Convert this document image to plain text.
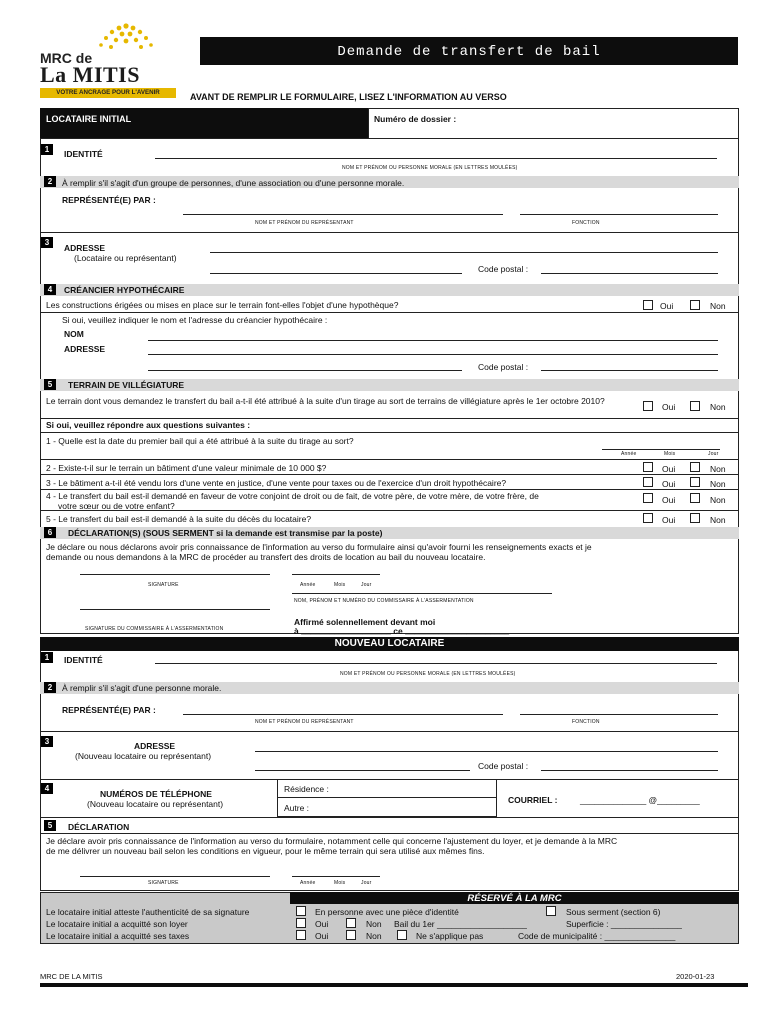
MRC de
La MITIS
VOTRE ANCRAGE POUR L'AVENIR
Demande de transfert de bail
AVANT DE REMPLIR LE FORMULAIRE, LISEZ L'INFORMATION AU VERSO
LOCATAIRE INITIAL	Numéro de dossier :
1	IDENTITÉ
NOM ET PRÉNOM OU PERSONNE MORALE (EN LETTRES MOULÉES)
2	À remplir s'il s'agit d'un groupe de personnes, d'une association ou d'une personne morale.
REPRÉSENTÉ(E) PAR :
NOM ET PRÉNOM DU REPRÉSENTANT	FONCTION
3
ADRESSE
(Locataire ou représentant)
Code postal :
4	CRÉANCIER HYPOTHÉCAIRE
Les constructions érigées ou mises en place sur le terrain font-elles l'objet d'une hypothèque?	Oui	Non
Si oui, veuillez indiquer le nom et l'adresse du créancier hypothécaire :
NOM
ADRESSE
Code postal :
5	TERRAIN DE VILLÉGIATURE
Le terrain dont vous demandez le transfert du bail a-t-il été attribué à la suite d'un tirage au sort de terrains de villégiature après le 1er octobre 2010?
Oui	Non
Si oui, veuillez répondre aux questions suivantes :
1 - Quelle est la date du premier bail qui a été attribué à la suite du tirage au sort?
Année	Mois	Jour
2 - Existe-t-il sur le terrain un bâtiment d'une valeur minimale de 10 000 $?	Oui	Non
3 - Le bâtiment a-t-il été vendu lors d'une vente en justice, d'une vente pour taxes ou de l'exercice d'un droit hypothécaire?	Oui	Non
4 - Le transfert du bail est-il demandé en faveur de votre conjoint de droit ou de fait, de votre père, de votre mère, de votre frère, de
votre sœur ou de votre enfant?
Oui	Non
5 - Le transfert du bail est-il demandé à la suite du décès du locataire?	Oui	Non
6	DÉCLARATION(S) (SOUS SERMENT si la demande est transmise par la poste)
Je déclare ou nous déclarons avoir pris connaissance de l'information au verso du formulaire ainsi qu'avoir fourni les renseignements exacts et je
demande ou nous demandons à la MRC de procéder au transfert des droits de location au bail du nouveau locataire.
SIGNATURE	Année	Mois	Jour
NOM, PRÉNOM ET NUMÉRO DU COMMISSAIRE À L'ASSERMENTATION
SIGNATURE DU COMMISSAIRE À L'ASSERMENTATION
Affirmé solennellement devant moi
à ___________________ ce ______________________
NOUVEAU LOCATAIRE
1	IDENTITÉ
NOM ET PRÉNOM OU PERSONNE MORALE (EN LETTRES MOULÉES)
2	À remplir s'il s'agit d'une personne morale.
REPRÉSENTÉ(E) PAR :
NOM ET PRÉNOM DU REPRÉSENTANT	FONCTION
3	ADRESSE
(Nouveau locataire ou représentant)
Code postal :
4
NUMÉROS DE TÉLÉPHONE
(Nouveau locataire ou représentant)
Résidence :
Autre :
COURRIEL :	______________ @_________
5	DÉCLARATION
Je déclare avoir pris connaissance de l'information au verso du formulaire, notamment celle qui concerne l'ajustement du loyer, et je demande à la MRC
de me délivrer un nouveau bail selon les conditions en vigueur, pour le même terrain qui sera utilisé aux mêmes fins.
SIGNATURE	Année	Mois	Jour
RÉSERVÉ À LA MRC
Le locataire initial atteste l'authenticité de sa signature	En personne avec une pièce d'identité	Sous serment (section 6)
Le locataire initial a acquitté son loyer	Oui	Non Bail du 1er ___________________	Superficie : _______________
Le locataire initial a acquitté ses taxes	Oui	Non	Ne s'applique pas	Code de municipalité : _______________
MRC DE LA MITIS	2020-01-23
